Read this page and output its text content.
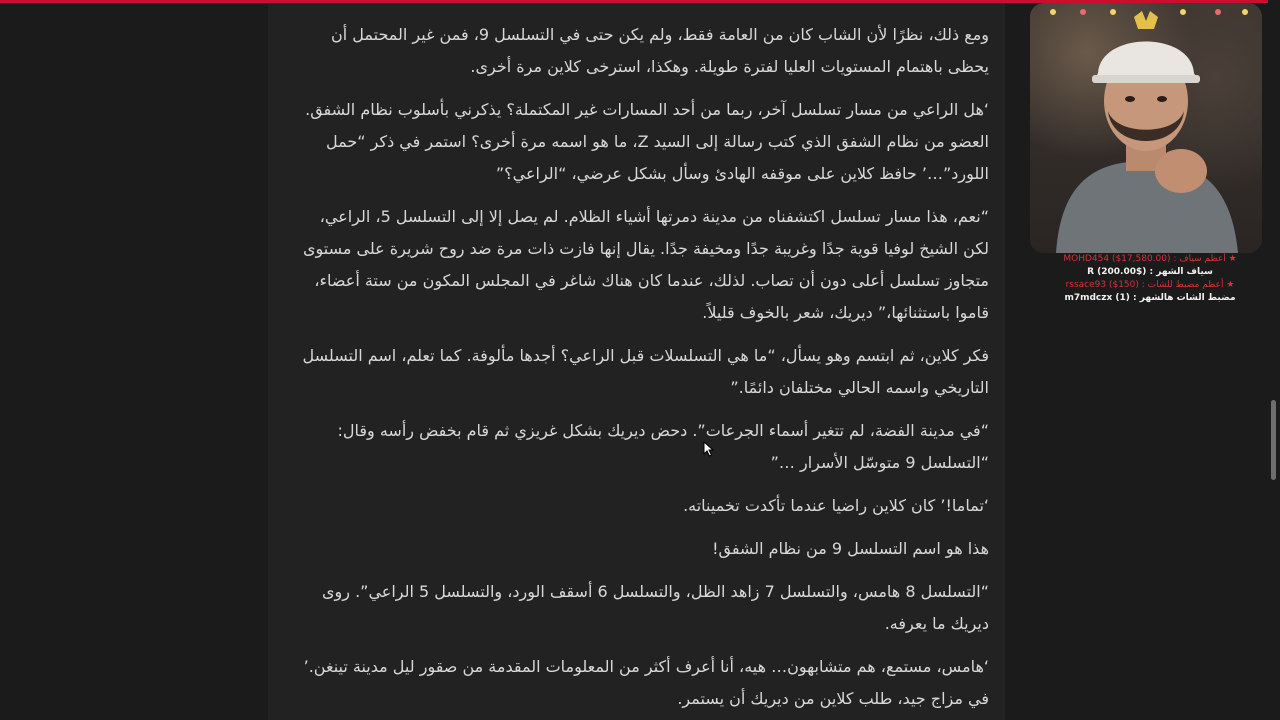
ومع ذلك، نظرًا لأن الشاب كان من العامة فقط، ولم يكن حتى في التسلسل 9، فمن غير المحتمل أن يحظى باهتمام المستويات العليا لفترة طويلة. وهكذا، استرخى كلاين مرة أخرى.

‘هل الراعي من مسار تسلسل آخر، ربما من أحد المسارات غير المكتملة؟ يذكرني بأسلوب نظام الشفق. العضو من نظام الشفق الذي كتب رسالة إلى السيد Z، ما هو اسمه مرة أخرى؟ استمر في ذكر “حمل اللورد”…’ حافظ كلاين على موقفه الهادئ وسأل بشكل عرضي، “الراعي؟”

“نعم، هذا مسار تسلسل اكتشفناه من مدينة دمرتها أشياء الظلام. لم يصل إلا إلى التسلسل 5، الراعي، لكن الشيخ لوفيا قوية جدًا وغريبة جدًا ومخيفة جدًا. يقال إنها فازت ذات مرة ضد روح شريرة على مستوى متجاوز تسلسل أعلى دون أن تصاب. لذلك، عندما كان هناك شاغر في المجلس المكون من ستة أعضاء، قاموا باستثنائها،” ديريك، شعر بالخوف قليلاً.

فكر كلاين، ثم ابتسم وهو يسأل، “ما هي التسلسلات قبل الراعي؟ أجدها مألوفة. كما تعلم، اسم التسلسل التاريخي واسمه الحالي مختلفان دائمًا.”

“في مدينة الفضة، لم تتغير أسماء الجرعات”. دحض ديريك بشكل غريزي ثم قام بخفض رأسه وقال: “التسلسل 9 متوسّل الأسرار …”

‘تماما!’ كان كلاين راضيا عندما تأكدت تخميناته.

هذا هو اسم التسلسل 9 من نظام الشفق!

“التسلسل 8 هامس، والتسلسل 7 زاهد الظل، والتسلسل 6 أسقف الورد، والتسلسل 5 الراعي”. روى ديريك ما يعرفه.

‘هامس، مستمع، هم متشابهون… هيه، أنا أعرف أكثر من المعلومات المقدمة من صقور ليل مدينة تينغن.’ في مزاج جيد، طلب كلاين من ديريك أن يستمر.

★ أعظم سياف : MOHD454 ($17,580.00)

سياف الشهر : ($200.00) R

★ أعظم مضبط للشات : rssace93 ($150)

مضبط الشات هالشهر : (1) m7mdczx
